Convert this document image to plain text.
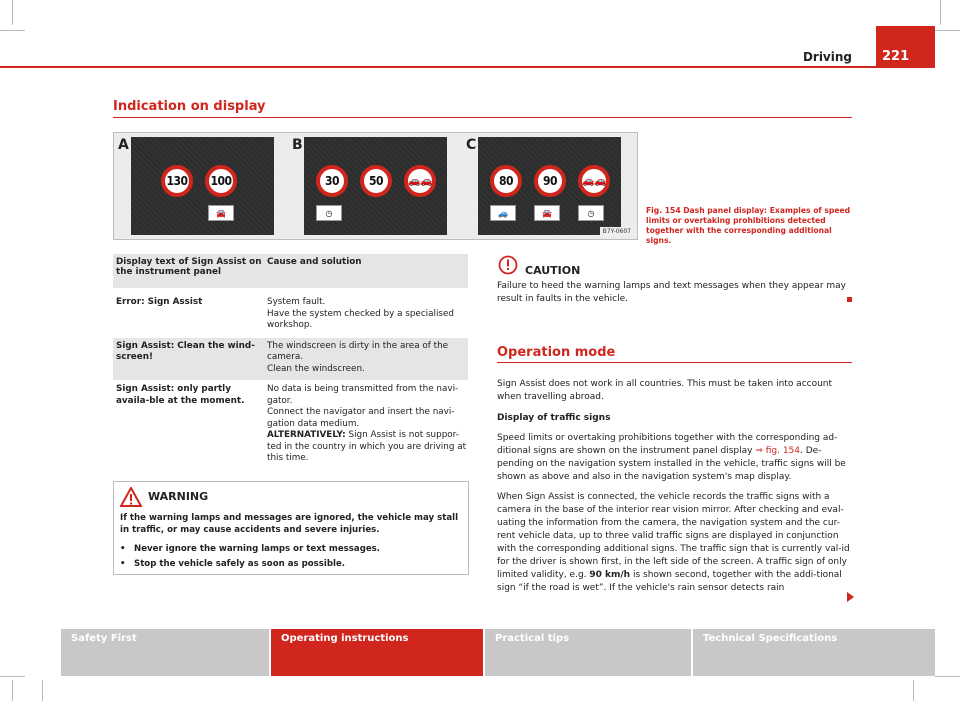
Driving	221
Indication on display
A
130	100
🚘
B
30	50	🚗🚗
◷
C
80	90	🚗🚗
🚙	🚘	◷
B7Y-0607
Fig. 154 Dash panel display: Examples of speed limits or overtaking prohibitions detected together with the corresponding additional signs.
Display text of Sign Assist on the instrument panel	Cause and solution
Error: Sign Assist	System fault.
Have the system checked by a specialised workshop.
Sign Assist: Clean the wind-screen!	The windscreen is dirty in the area of the camera.
Clean the windscreen.
Sign Assist: only partly availa-ble at the moment.	No data is being transmitted from the navi-gator.
Connect the navigator and insert the navi-gation data medium.
ALTERNATIVELY: Sign Assist is not suppor-ted in the country in which you are driving at this time.
WARNING
If the warning lamps and messages are ignored, the vehicle may stall in traffic, or may cause accidents and severe injuries.
• Never ignore the warning lamps or text messages.
• Stop the vehicle safely as soon as possible.
CAUTION
Failure to heed the warning lamps and text messages when they appear may result in faults in the vehicle.
Operation mode
Sign Assist does not work in all countries. This must be taken into account when travelling abroad.
Display of traffic signs
Speed limits or overtaking prohibitions together with the corresponding ad-ditional signs are shown on the instrument panel display ⇒ fig. 154. De-pending on the navigation system installed in the vehicle, traffic signs will be shown as above and also in the navigation system's map display.
When Sign Assist is connected, the vehicle records the traffic signs with a camera in the base of the interior rear vision mirror. After checking and eval-uating the information from the camera, the navigation system and the cur-rent vehicle data, up to three valid traffic signs are displayed in conjunction with the corresponding additional signs. The traffic sign that is currently val-id for the driver is shown first, in the left side of the screen. A traffic sign of only limited validity, e.g. 90 km/h is shown second, together with the addi-tional sign “if the road is wet”. If the vehicle's rain sensor detects rain
Safety First	Operating instructions	Practical tips	Technical Specifications
